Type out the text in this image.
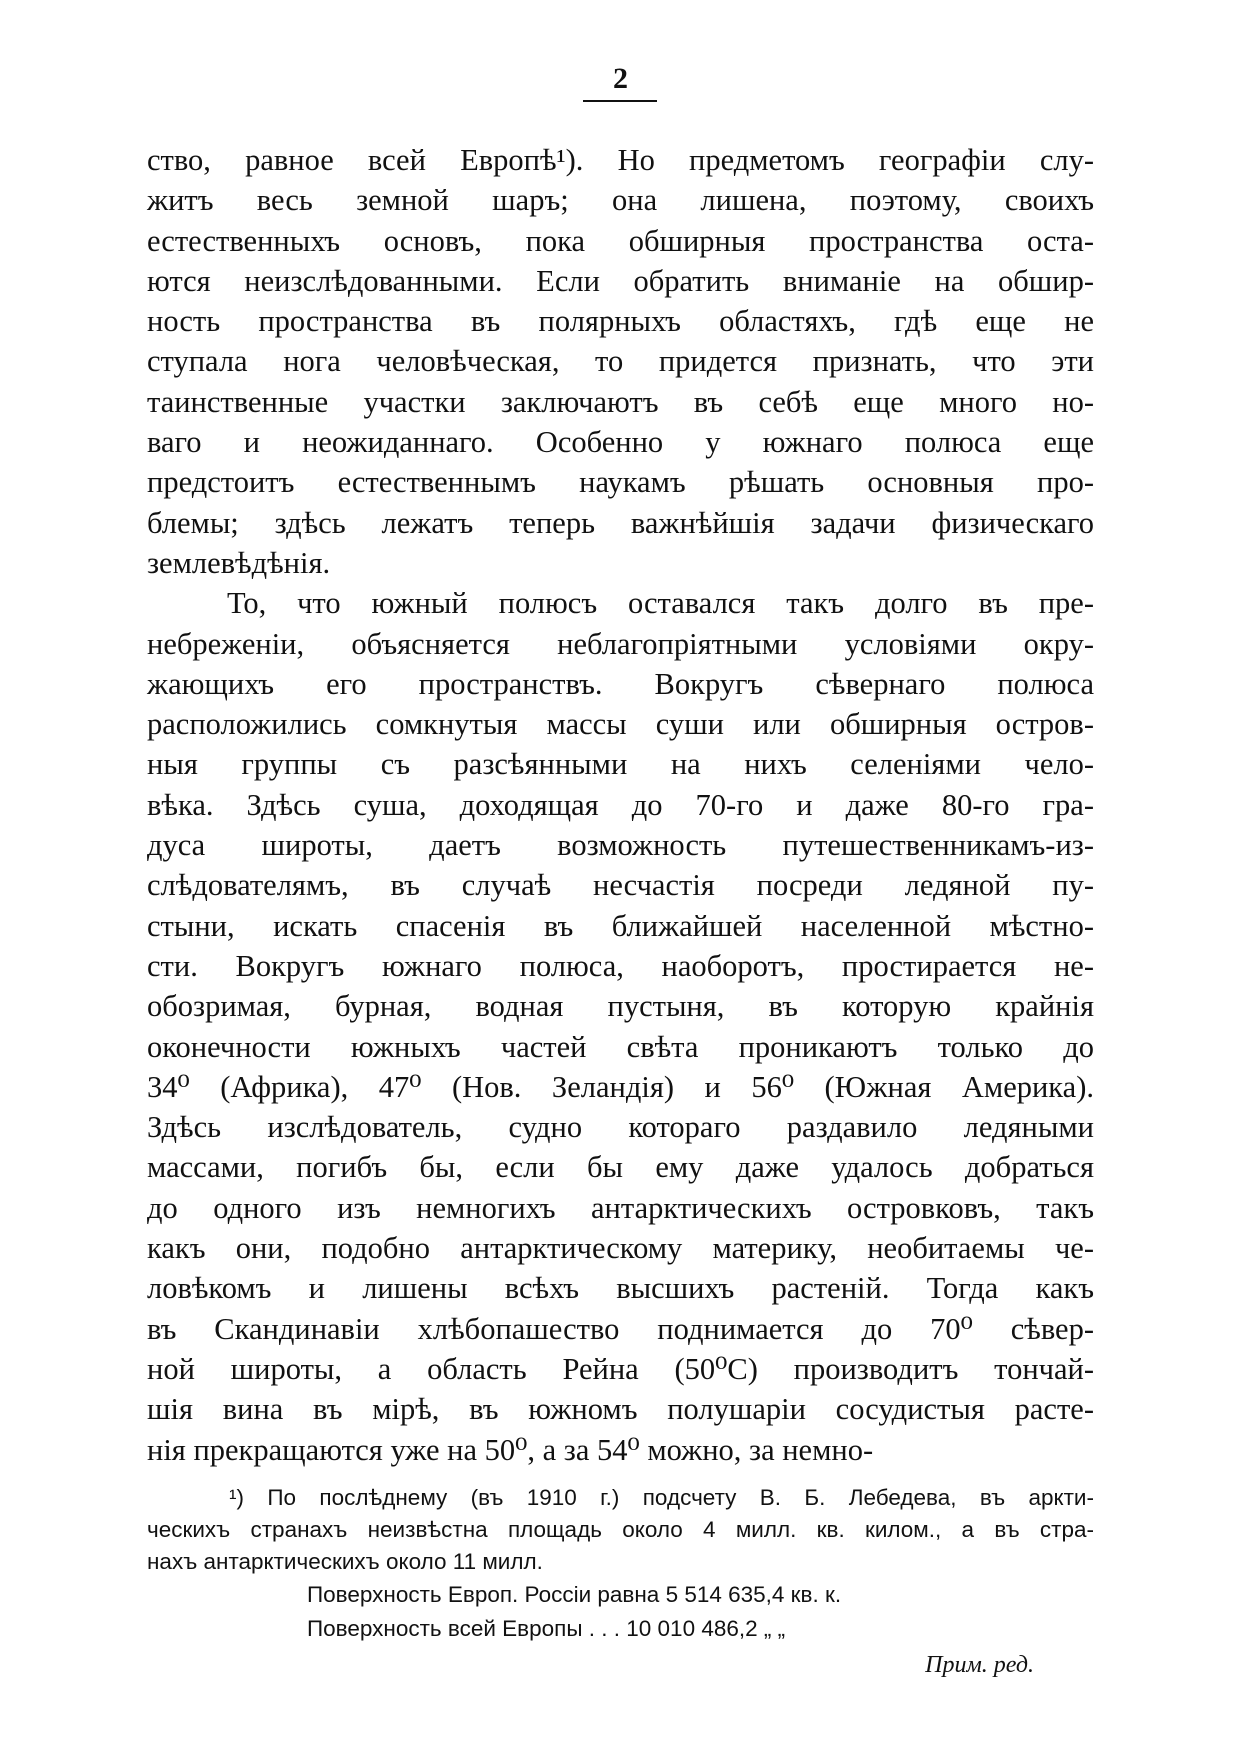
2
ство, равное всей Европѣ¹). Но предметомъ географіи слу-
житъ весь земной шаръ; она лишена, поэтому, своихъ
естественныхъ основъ, пока обширныя пространства оста-
ются неизслѣдованными. Если обратить вниманіе на обшир-
ность пространства въ полярныхъ областяхъ, гдѣ еще не
ступала нога человѣческая, то придется признать, что эти
таинственные участки заключаютъ въ себѣ еще много но-
ваго и неожиданнаго. Особенно у южнаго полюса еще
предстоитъ естественнымъ наукамъ рѣшать основныя про-
блемы; здѣсь лежатъ теперь важнѣйшія задачи физическаго
землевѣдѣнія.
То, что южный полюсъ оставался такъ долго въ пре-
небреженіи, объясняется неблагопріятными условіями окру-
жающихъ его пространствъ. Вокругъ сѣвернаго полюса
расположились сомкнутыя массы суши или обширныя остров-
ныя группы съ разсѣянными на нихъ селеніями чело-
вѣка. Здѣсь суша, доходящая до 70-го и даже 80-го гра-
дуса широты, даетъ возможность путешественникамъ-из-
слѣдователямъ, въ случаѣ несчастія посреди ледяной пу-
стыни, искать спасенія въ ближайшей населенной мѣстно-
сти. Вокругъ южнаго полюса, наоборотъ, простирается не-
обозримая, бурная, водная пустыня, въ которую крайнія
оконечности южныхъ частей свѣта проникаютъ только до
34⁰ (Африка), 47⁰ (Нов. Зеландія) и 56⁰ (Южная Америка).
Здѣсь изслѣдователь, судно котораго раздавило ледяными
массами, погибъ бы, если бы ему даже удалось добраться
до одного изъ немногихъ антарктическихъ островковъ, такъ
какъ они, подобно антарктическому материку, необитаемы че-
ловѣкомъ и лишены всѣхъ высшихъ растеній. Тогда какъ
въ Скандинавіи хлѣбопашество поднимается до 70⁰ сѣвер-
ной широты, а область Рейна (50⁰С) производитъ тончай-
шія вина въ мірѣ, въ южномъ полушаріи сосудистыя расте-
нія прекращаются уже на 50⁰, а за 54⁰ можно, за немно-
¹) По послѣднему (въ 1910 г.) подсчету В. Б. Лебедева, въ аркти-
ческихъ странахъ неизвѣстна площадь около 4 милл. кв. килом., а въ стра-
нахъ антарктическихъ около 11 милл.
Поверхность Европ. Россіи равна 5 514 635,4 кв. к.
Поверхность всей Европы . . . 10 010 486,2 „ „
Прим. ред.
